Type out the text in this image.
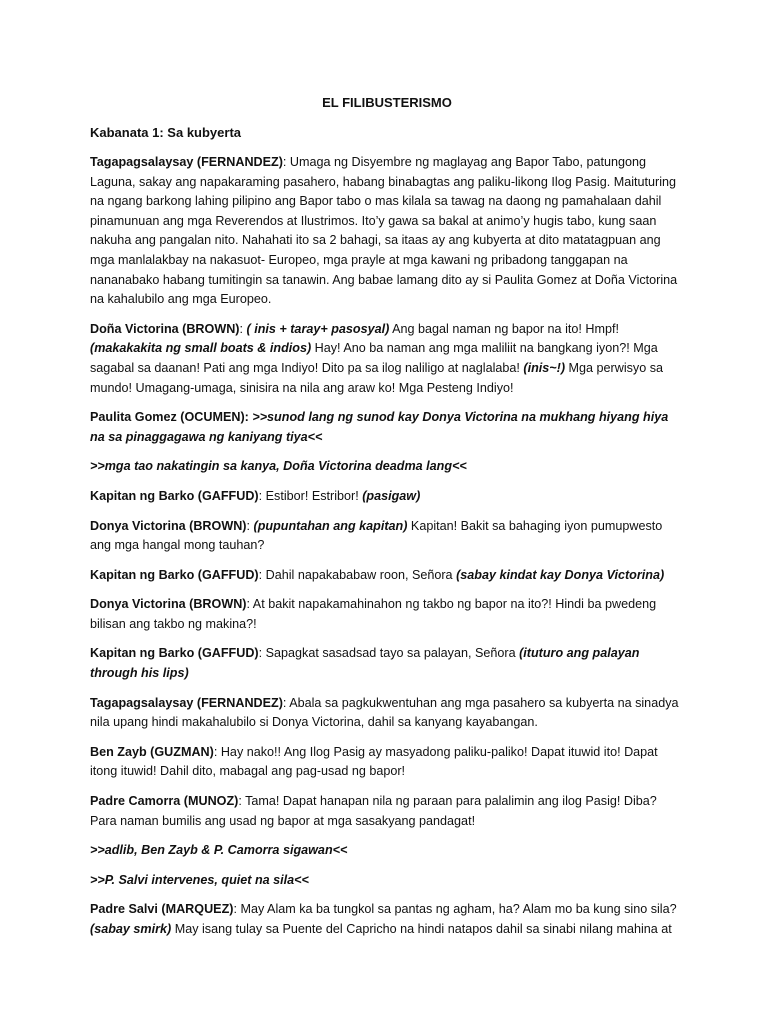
EL FILIBUSTERISMO
Kabanata 1: Sa kubyerta

Tagapagsalaysay (FERNANDEZ): Umaga ng Disyembre ng maglayag ang Bapor Tabo, patungong Laguna, sakay ang napakaraming pasahero, habang binabagtas ang paliku-likong Ilog Pasig. Maituturing na ngang barkong lahing pilipino ang Bapor tabo o mas kilala sa tawag na daong ng pamahalaan dahil pinamunuan ang mga Reverendos at Ilustrimos. Ito’y gawa sa bakal at animo’y hugis tabo, kung saan nakuha ang pangalan nito. Nahahati ito sa 2 bahagi, sa itaas ay ang kubyerta at dito matatagpuan ang mga manlalakbay na nakasuot- Europeo, mga prayle at mga kawani ng pribadong tanggapan na nananabako habang tumitingin sa tanawin. Ang babae lamang dito ay si Paulita Gomez at Doña Victorina na kahalubilo ang mga Europeo.

Doña Victorina (BROWN): ( inis + taray+ pasosyal) Ang bagal naman ng bapor na ito! Hmpf! (makakakita ng small boats & indios) Hay! Ano ba naman ang mga maliliit na bangkang iyon?! Mga sagabal sa daanan! Pati ang mga Indiyo! Dito pa sa ilog naliligo at naglalaba! (inis~!) Mga perwisyo sa mundo! Umagang-umaga, sinisira na nila ang araw ko! Mga Pesteng Indiyo!

Paulita Gomez (OCUMEN): >>sunod lang ng sunod kay Donya Victorina na mukhang hiyang hiya na sa pinaggagawa ng kaniyang tiya<<

>>mga tao nakatingin sa kanya, Doña Victorina deadma lang<<

Kapitan ng Barko (GAFFUD): Estibor! Estribor! (pasigaw)

Donya Victorina (BROWN): (pupuntahan ang kapitan) Kapitan! Bakit sa bahaging iyon pumupwesto ang mga hangal mong tauhan?

Kapitan ng Barko (GAFFUD): Dahil napakababaw roon, Señora (sabay kindat kay Donya Victorina)

Donya Victorina (BROWN): At bakit napakamahinahon ng takbo ng bapor na ito?! Hindi ba pwedeng bilisan ang takbo ng makina?!

Kapitan ng Barko (GAFFUD): Sapagkat sasadsad tayo sa palayan, Señora (ituturo ang palayan through his lips)

Tagapagsalaysay (FERNANDEZ): Abala sa pagkukwentuhan ang mga pasahero sa kubyerta na sinadya nila upang hindi makahalubilo si Donya Victorina, dahil sa kanyang kayabangan.

Ben Zayb (GUZMAN): Hay nako!! Ang Ilog Pasig ay masyadong paliku-paliko! Dapat ituwid ito! Dapat itong ituwid! Dahil dito, mabagal ang pag-usad ng bapor!

Padre Camorra (MUNOZ): Tama! Dapat hanapan nila ng paraan para palalimin ang ilog Pasig! Diba? Para naman bumilis ang usad ng bapor at mga sasakyang pandagat!

>>adlib, Ben Zayb & P. Camorra sigawan<<

>>P. Salvi intervenes, quiet na sila<<

Padre Salvi (MARQUEZ): May Alam ka ba tungkol sa pantas ng agham, ha? Alam mo ba kung sino sila? (sabay smirk) May isang tulay sa Puente del Capricho na hindi natapos dahil sa sinabi nilang mahina at
